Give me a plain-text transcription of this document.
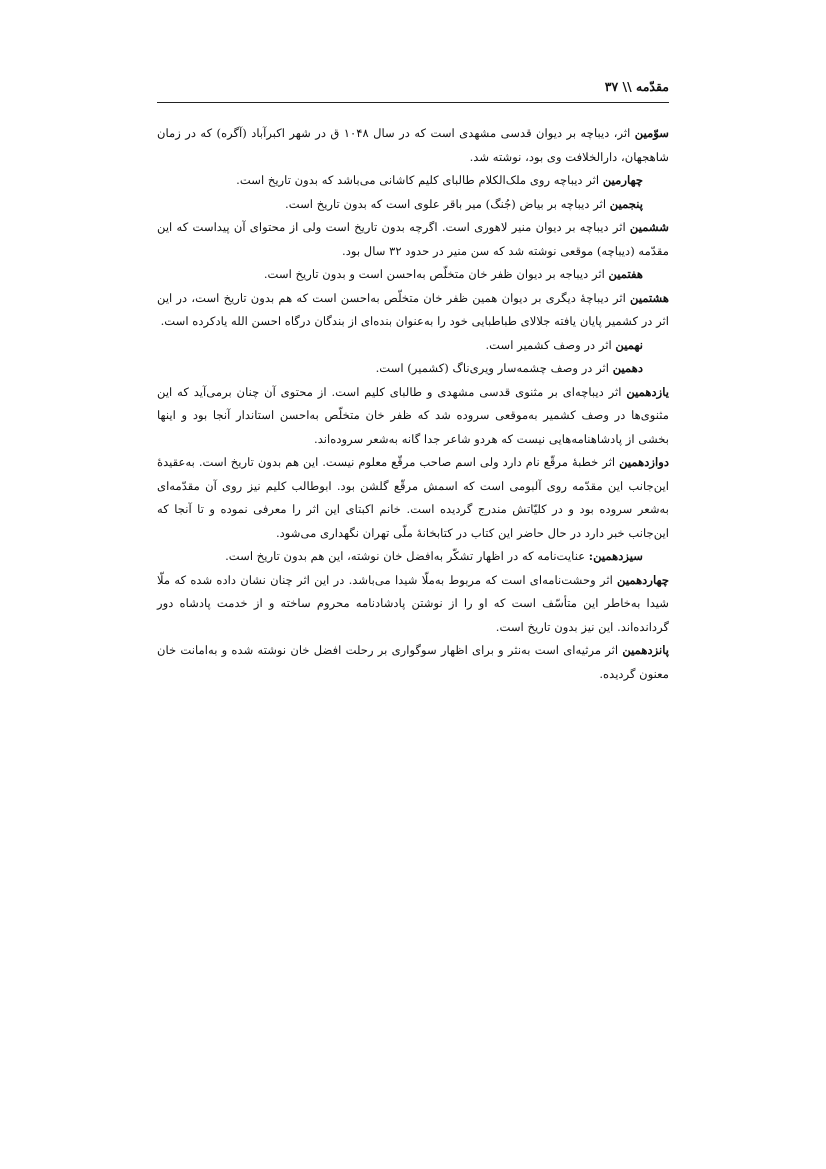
مقدّمه \\ ۳۷

سوّمین اثر، دیباچه بر دیوان قدسی مشهدی است که در سال ۱۰۴۸ ق در شهر اکبرآباد (آگره) که در زمان شاهجهان، دارالخلافت وی بود، نوشته شد.

چهارمین اثر دیباچه روی ملک‌الکلام طالبای کلیم کاشانی می‌باشد که بدون تاریخ است.

پنجمین اثر دیباچه بر بیاض (جُنگ) میر باقر علوی است که بدون تاریخ است.

ششمین اثر دیباچه بر دیوان منیر لاهوری است. اگرچه بدون تاریخ است ولی از محتوای آن پیداست که این مقدّمه (دیباچه) موقعی نوشته شد که سن منیر در حدود ۳۲ سال بود.

هفتمین اثر دیباجه بر دیوان ظفر خان متخلّص به‌احسن است و بدون تاریخ است.

هشتمین اثر دیباچهٔ دیگری بر دیوان همین ظفر خان متخلّص به‌احسن است که هم بدون تاریخ است، در این اثر در کشمیر پایان یافته جلالای طباطبایی خود را به‌عنوان بنده‌ای از بندگان درگاه احسن الله یادکرده است.

نهمین اثر در وصف کشمیر است.

دهمین اثر در وصف چشمه‌سار ویری‌ناگ (کشمیر) است.

یازدهمین اثر دیباچه‌ای بر مثنوی قدسی مشهدی و طالبای کلیم است. از محتوی آن چنان برمی‌آید که این مثنوی‌ها در وصف کشمیر به‌موقعی سروده شد که ظفر خان متخلّص به‌احسن استاندار آنجا بود و اینها بخشی از پادشاهنامه‌هایی نیست که هردو شاعر جدا گانه به‌شعر سروده‌اند.

دوازدهمین اثر خطبهٔ مرقّع نام دارد ولی اسم صاحب مرقّع معلوم نیست. این هم بدون تاریخ است. به‌عقیدهٔ این‌جانب این مقدّمه روی آلبومی است که اسمش مرقّع گلشن بود. ابوطالب کلیم نیز روی آن مقدّمه‌ای به‌شعر سروده بود و در کلیّاتش مندرج گردیده است. خانم اکبتای این اثر را معرفی نموده و تا آنجا که این‌جانب خبر دارد در حال حاضر این کتاب در کتابخانهٔ ملّی تهران نگهداری می‌شود.

سیزدهمین: عنایت‌نامه که در اظهار تشکّر به‌افضل خان نوشته، این هم بدون تاریخ است.

چهاردهمین اثر وحشت‌نامه‌ای است که مربوط به‌ملّا شیدا می‌باشد. در این اثر چنان نشان داده شده که ملّا شیدا به‌خاطر این متأسّف است که او را از نوشتن پادشادنامه محروم ساخته و از خدمت پادشاه دور گردانده‌اند. این نیز بدون تاریخ است.

پانزدهمین اثر مرثیه‌ای است به‌نثر و برای اظهار سوگواری بر رحلت افضل خان نوشته شده و به‌امانت خان معنون گردیده.
